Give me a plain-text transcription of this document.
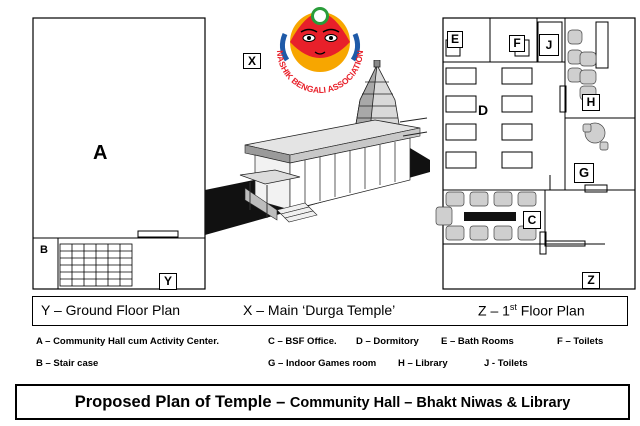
A
B
Y
E	F	J
D	H
G
C
Z
X
NASHIK BENGALI ASSOCIATION
Y – Ground Floor Plan	X – Main ‘Durga Temple’	Z – 1st Floor Plan
A – Community Hall cum Activity Center.	C – BSF Office. D – Dormitory E – Bath Rooms	F – Toilets
B – Stair case	G – Indoor Games room H – Library	J - Toilets
Proposed Plan of Temple – Community Hall – Bhakt Niwas & Library
